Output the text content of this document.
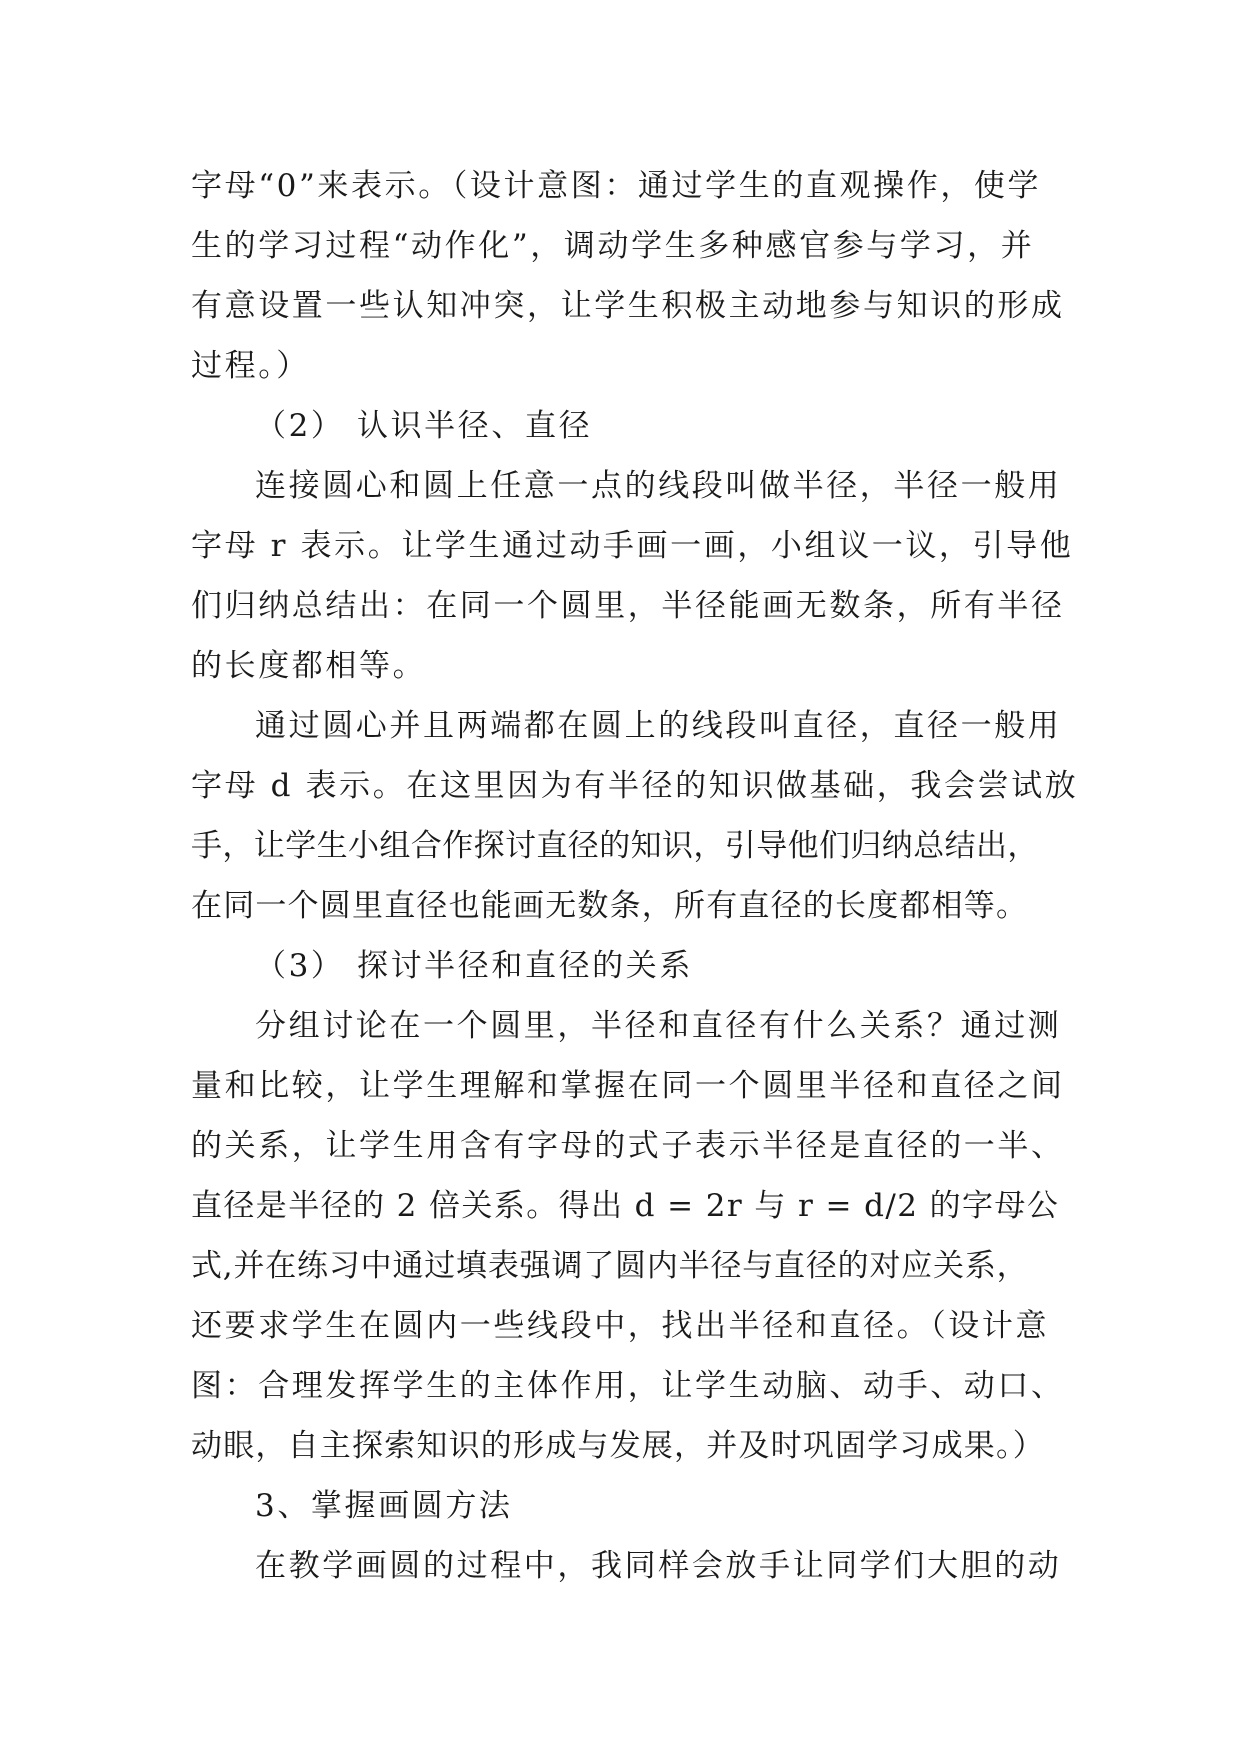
字母“0”来表示。（设计意图：通过学生的直观操作，使学
生的学习过程“动作化”，调动学生多种感官参与学习，并
有意设置一些认知冲突，让学生积极主动地参与知识的形成
过程。）
（2） 认识半径、直径
连接圆心和圆上任意一点的线段叫做半径，半径一般用
字母 r 表示。让学生通过动手画一画，小组议一议，引导他
们归纳总结出：在同一个圆里，半径能画无数条，所有半径
的长度都相等。
通过圆心并且两端都在圆上的线段叫直径，直径一般用
字母 d 表示。在这里因为有半径的知识做基础，我会尝试放
手，让学生小组合作探讨直径的知识，引导他们归纳总结出，
在同一个圆里直径也能画无数条，所有直径的长度都相等。
（3） 探讨半径和直径的关系
分组讨论在一个圆里，半径和直径有什么关系？通过测
量和比较，让学生理解和掌握在同一个圆里半径和直径之间
的关系，让学生用含有字母的式子表示半径是直径的一半、
直径是半径的 2 倍关系。得出 d = 2r 与 r = d/2 的字母公
式,并在练习中通过填表强调了圆内半径与直径的对应关系，
还要求学生在圆内一些线段中，找出半径和直径。（设计意
图：合理发挥学生的主体作用，让学生动脑、动手、动口、
动眼，自主探索知识的形成与发展，并及时巩固学习成果。）
3、掌握画圆方法
在教学画圆的过程中，我同样会放手让同学们大胆的动
